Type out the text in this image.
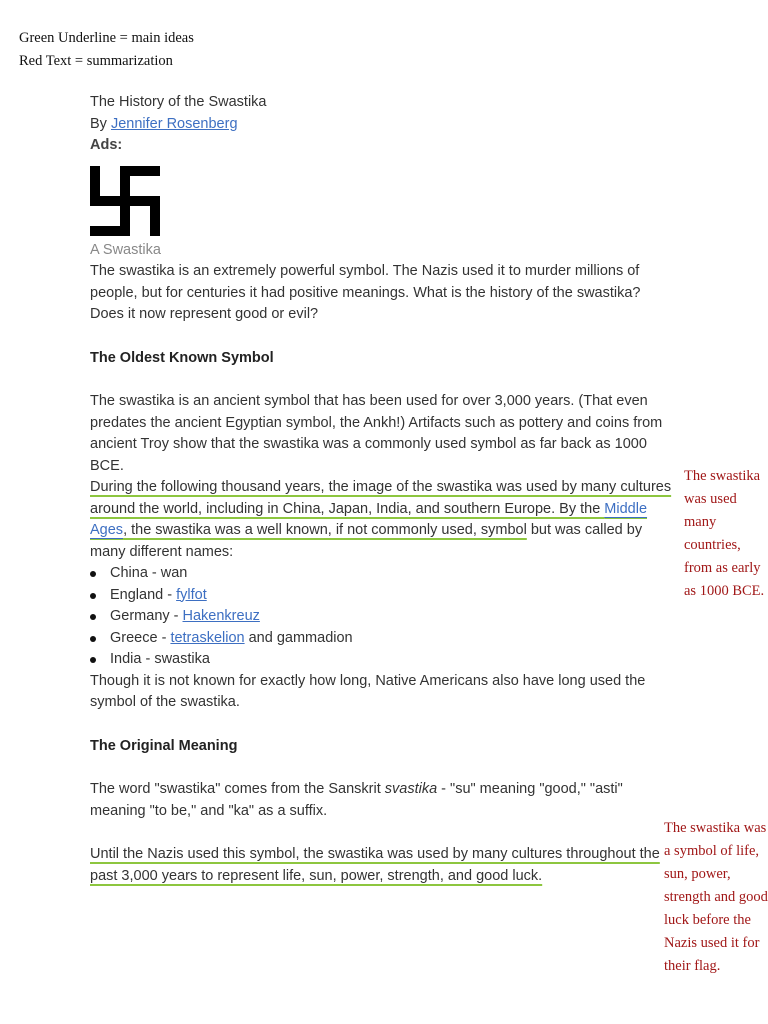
Green Underline = main ideas
Red Text = summarization

The History of the Swastika

By Jennifer Rosenberg

Ads:

A Swastika

The swastika is an extremely powerful symbol. The Nazis used it to murder millions of people, but for centuries it had positive meanings. What is the history of the swastika? Does it now represent good or evil?

The Oldest Known Symbol

The swastika is an ancient symbol that has been used for over 3,000 years. (That even predates the ancient Egyptian symbol, the Ankh!) Artifacts such as pottery and coins from ancient Troy show that the swastika was a commonly used symbol as far back as 1000 BCE.

During the following thousand years, the image of the swastika was used by many cultures around the world, including in China, Japan, India, and southern Europe. By the Middle Ages, the swastika was a well known, if not commonly used, symbol but was called by many different names:

China - wan
England - fylfot
Germany - Hakenkreuz
Greece - tetraskelion and gammadion
India - swastika

Though it is not known for exactly how long, Native Americans also have long used the symbol of the swastika.

The Original Meaning

The word "swastika" comes from the Sanskrit svastika - "su" meaning "good," "asti" meaning "to be," and "ka" as a suffix.

Until the Nazis used this symbol, the swastika was used by many cultures throughout the past 3,000 years to represent life, sun, power, strength, and good luck.

The swastika was used many countries, from as early as 1000 BCE.
The swastika was a symbol of life, sun, power, strength and good luck before the Nazis used it for their flag.
